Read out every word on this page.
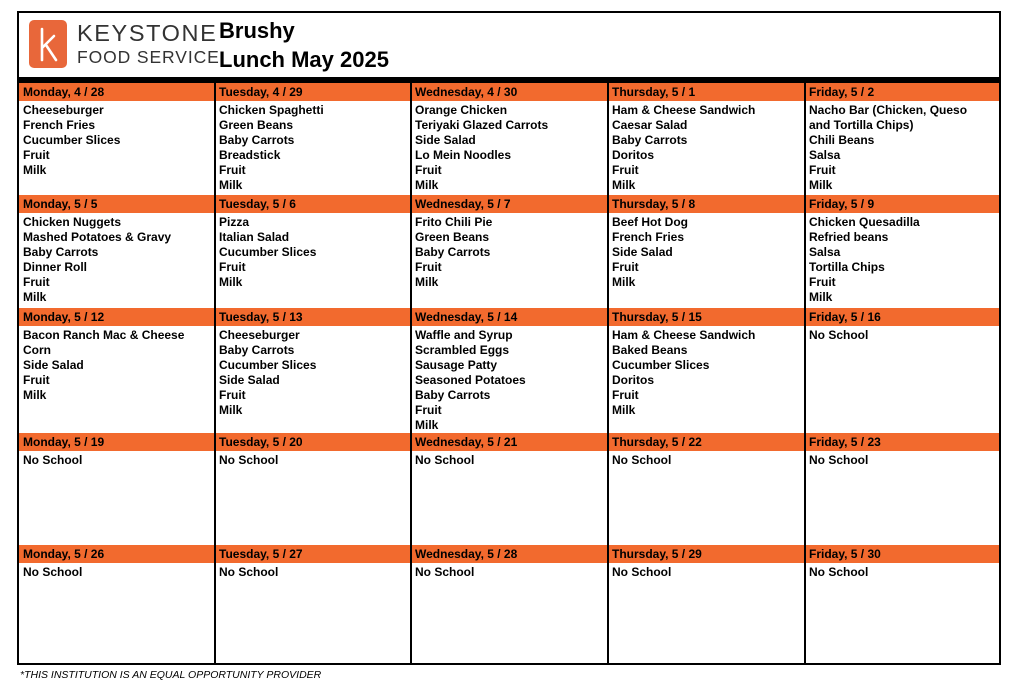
KEYSTONE
FOOD SERVICE
Brushy
Lunch May 2025
Monday, 4 / 28
Cheeseburger
French Fries
Cucumber Slices
Fruit
Milk
Tuesday, 4 / 29
Chicken Spaghetti
Green Beans
Baby Carrots
Breadstick
Fruit
Milk
Wednesday, 4 / 30
Orange Chicken
Teriyaki Glazed Carrots
Side Salad
Lo Mein Noodles
Fruit
Milk
Thursday, 5 / 1
Ham & Cheese Sandwich
Caesar Salad
Baby Carrots
Doritos
Fruit
Milk
Friday, 5 / 2
Nacho Bar (Chicken, Queso
and Tortilla Chips)
Chili Beans
Salsa
Fruit
Milk
Monday, 5 / 5
Chicken Nuggets
Mashed Potatoes & Gravy
Baby Carrots
Dinner Roll
Fruit
Milk
Tuesday, 5 / 6
Pizza
Italian Salad
Cucumber Slices
Fruit
Milk
Wednesday, 5 / 7
Frito Chili Pie
Green Beans
Baby Carrots
Fruit
Milk
Thursday, 5 / 8
Beef Hot Dog
French Fries
Side Salad
Fruit
Milk
Friday, 5 / 9
Chicken Quesadilla
Refried beans
Salsa
Tortilla Chips
Fruit
Milk
Monday, 5 / 12
Bacon Ranch Mac & Cheese
Corn
Side Salad
Fruit
Milk
Tuesday, 5 / 13
Cheeseburger
Baby Carrots
Cucumber Slices
Side Salad
Fruit
Milk
Wednesday, 5 / 14
Waffle and Syrup
Scrambled Eggs
Sausage Patty
Seasoned Potatoes
Baby Carrots
Fruit
Milk
Thursday, 5 / 15
Ham & Cheese Sandwich
Baked Beans
Cucumber Slices
Doritos
Fruit
Milk
Friday, 5 / 16
No School
Monday, 5 / 19
No School
Tuesday, 5 / 20
No School
Wednesday, 5 / 21
No School
Thursday, 5 / 22
No School
Friday, 5 / 23
No School
Monday, 5 / 26
No School
Tuesday, 5 / 27
No School
Wednesday, 5 / 28
No School
Thursday, 5 / 29
No School
Friday, 5 / 30
No School
*THIS INSTITUTION IS AN EQUAL OPPORTUNITY PROVIDER
